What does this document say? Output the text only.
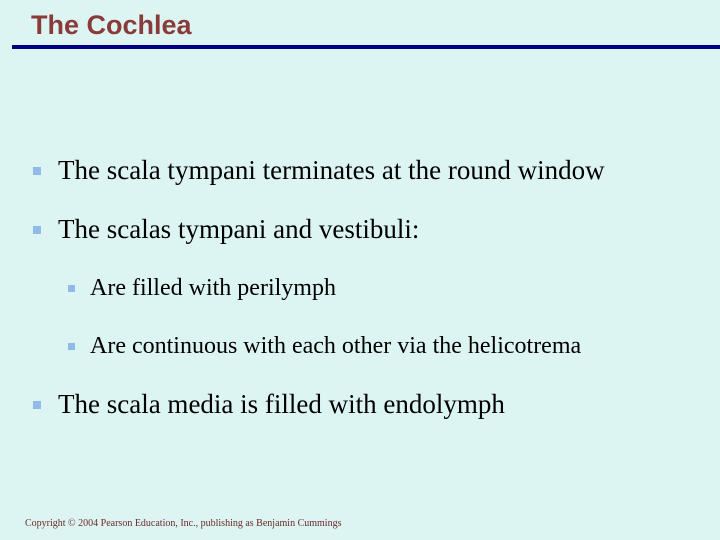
The Cochlea
The scala tympani terminates at the round window
The scalas tympani and vestibuli:
Are filled with perilymph
Are continuous with each other via the helicotrema
The scala media is filled with endolymph
Copyright © 2004 Pearson Education, Inc., publishing as Benjamin Cummings
